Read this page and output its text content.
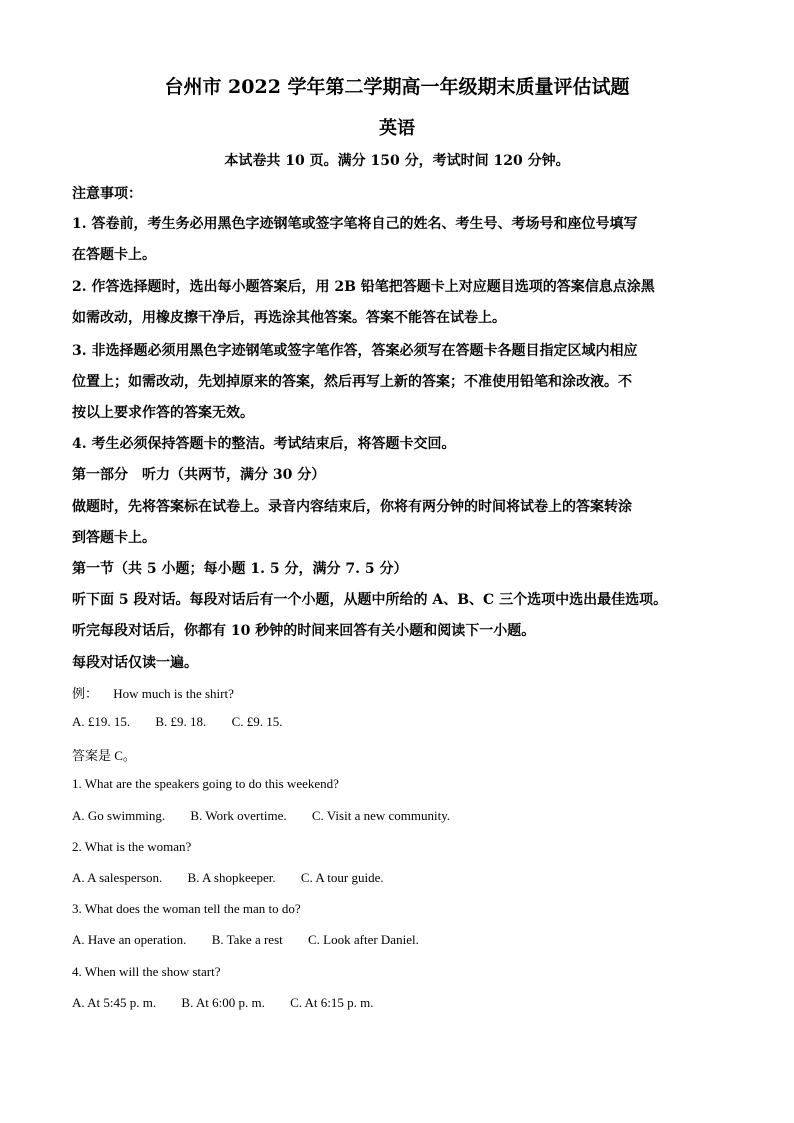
台州市 2022 学年第二学期高一年级期末质量评估试题
英语
本试卷共 10 页。满分 150 分，考试时间 120 分钟。
注意事项：
1. 答卷前，考生务必用黑色字迹钢笔或签字笔将自己的姓名、考生号、考场号和座位号填写
在答题卡上。
2. 作答选择题时，选出每小题答案后，用 2B 铅笔把答题卡上对应题目选项的答案信息点涂黑
如需改动，用橡皮擦干净后，再选涂其他答案。答案不能答在试卷上。
3. 非选择题必须用黑色字迹钢笔或签字笔作答，答案必须写在答题卡各题目指定区域内相应
位置上；如需改动，先划掉原来的答案，然后再写上新的答案；不准使用铅笔和涂改液。不
按以上要求作答的答案无效。
4. 考生必须保持答题卡的整洁。考试结束后，将答题卡交回。
第一部分　听力（共两节，满分 30 分）
做题时，先将答案标在试卷上。录音内容结束后，你将有两分钟的时间将试卷上的答案转涂
到答题卡上。
第一节（共 5 小题；每小题 1. 5 分，满分 7. 5 分）
听下面 5 段对话。每段对话后有一个小题，从题中所给的 A、B、C 三个选项中选出最佳选项。
听完每段对话后，你都有 10 秒钟的时间来回答有关小题和阅读下一小题。
每段对话仅读一遍。
例： How much is the shirt?
A. £19. 15. B. £9. 18. C. £9. 15.
答案是 C。
1. What are the speakers going to do this weekend?
A. Go swimming. B. Work overtime. C. Visit a new community.
2. What is the woman?
A. A salesperson. B. A shopkeeper. C. A tour guide.
3. What does the woman tell the man to do?
A. Have an operation. B. Take a rest C. Look after Daniel.
4. When will the show start?
A. At 5:45 p. m. B. At 6:00 p. m. C. At 6:15 p. m.
